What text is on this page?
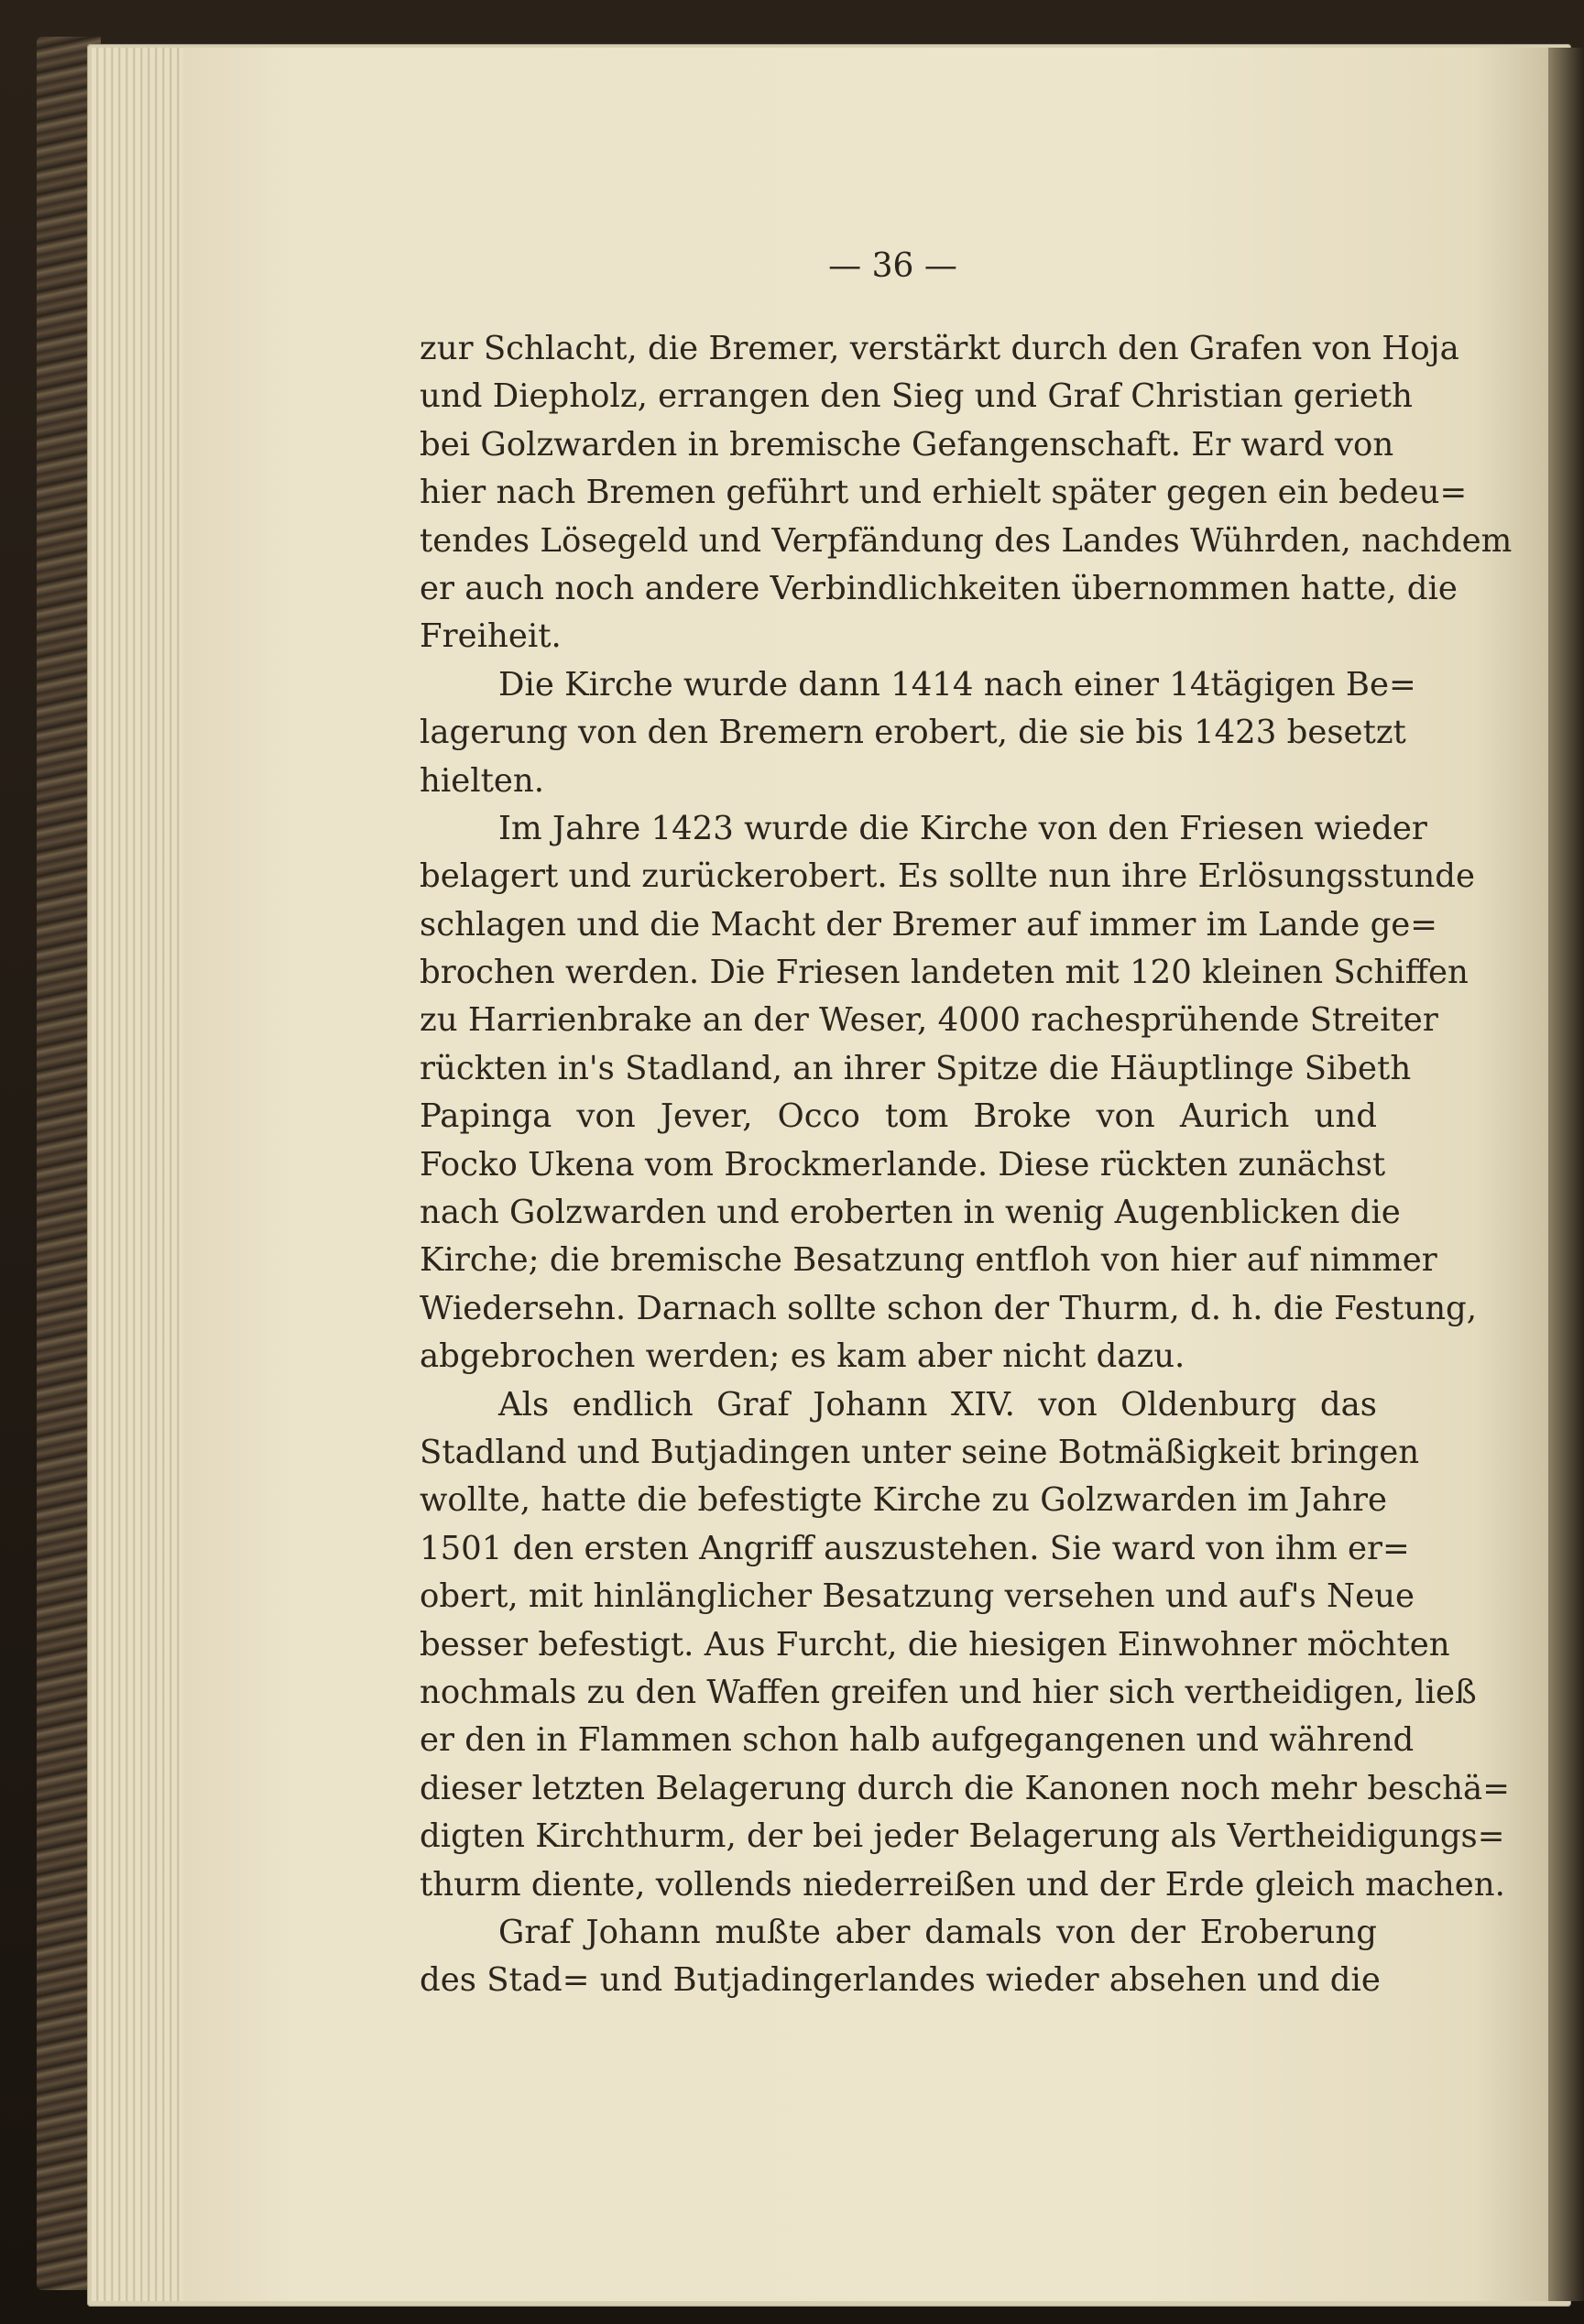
— 36 —
zur Schlacht, die Bremer, verstärkt durch den Grafen von Hoja
und Diepholz, errangen den Sieg und Graf Christian gerieth
bei Golzwarden in bremische Gefangenschaft. Er ward von
hier nach Bremen geführt und erhielt später gegen ein bedeu=
tendes Lösegeld und Verpfändung des Landes Wührden, nachdem
er auch noch andere Verbindlichkeiten übernommen hatte, die
Freiheit.
Die Kirche wurde dann 1414 nach einer 14tägigen Be=
lagerung von den Bremern erobert, die sie bis 1423 besetzt
hielten.
Im Jahre 1423 wurde die Kirche von den Friesen wieder
belagert und zurückerobert. Es sollte nun ihre Erlösungsstunde
schlagen und die Macht der Bremer auf immer im Lande ge=
brochen werden. Die Friesen landeten mit 120 kleinen Schiffen
zu Harrienbrake an der Weser, 4000 rachesprühende Streiter
rückten in's Stadland, an ihrer Spitze die Häuptlinge Sibeth
Papinga von Jever, Occo tom Broke von Aurich und
Focko Ukena vom Brockmerlande. Diese rückten zunächst
nach Golzwarden und eroberten in wenig Augenblicken die
Kirche; die bremische Besatzung entfloh von hier auf nimmer
Wiedersehn. Darnach sollte schon der Thurm, d. h. die Festung,
abgebrochen werden; es kam aber nicht dazu.
Als endlich Graf Johann XIV. von Oldenburg das
Stadland und Butjadingen unter seine Botmäßigkeit bringen
wollte, hatte die befestigte Kirche zu Golzwarden im Jahre
1501 den ersten Angriff auszustehen. Sie ward von ihm er=
obert, mit hinlänglicher Besatzung versehen und auf's Neue
besser befestigt. Aus Furcht, die hiesigen Einwohner möchten
nochmals zu den Waffen greifen und hier sich vertheidigen, ließ
er den in Flammen schon halb aufgegangenen und während
dieser letzten Belagerung durch die Kanonen noch mehr beschä=
digten Kirchthurm, der bei jeder Belagerung als Vertheidigungs=
thurm diente, vollends niederreißen und der Erde gleich machen.
Graf Johann mußte aber damals von der Eroberung
des Stad= und Butjadingerlandes wieder absehen und die
